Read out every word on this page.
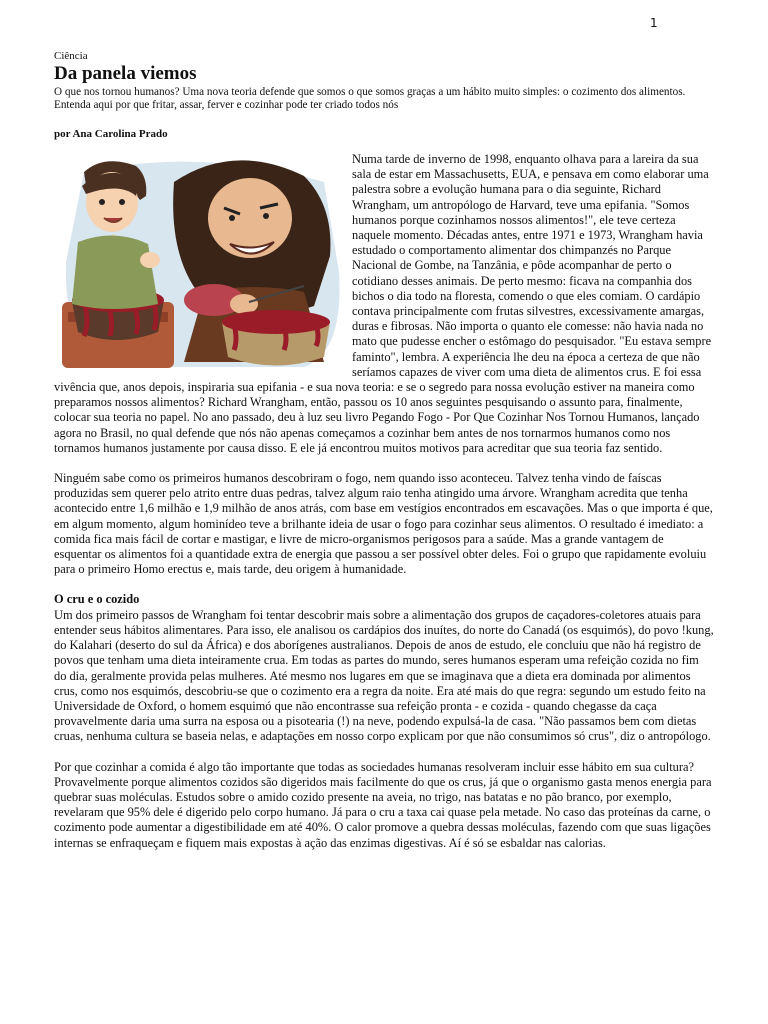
1

Ciência

Da panela viemos

O que nos tornou humanos? Uma nova teoria defende que somos o que somos graças a um hábito muito simples: o cozimento dos alimentos. Entenda aqui por que fritar, assar, ferver e cozinhar pode ter criado todos nós

por Ana Carolina Prado

Numa tarde de inverno de 1998, enquanto olhava para a lareira da sua sala de estar em Massachusetts, EUA, e pensava em como elaborar uma palestra sobre a evolução humana para o dia seguinte, Richard Wrangham, um antropólogo de Harvard, teve uma epifania. "Somos humanos porque cozinhamos nossos alimentos!", ele teve certeza naquele momento. Décadas antes, entre 1971 e 1973, Wrangham havia estudado o comportamento alimentar dos chimpanzés no Parque Nacional de Gombe, na Tanzânia, e pôde acompanhar de perto o cotidiano desses animais. De perto mesmo: ficava na companhia dos bichos o dia todo na floresta, comendo o que eles comiam. O cardápio contava principalmente com frutas silvestres, excessivamente amargas, duras e fibrosas. Não importa o quanto ele comesse: não havia nada no mato que pudesse encher o estômago do pesquisador. "Eu estava sempre faminto", lembra. A experiência lhe deu na época a certeza de que não seríamos capazes de viver com uma dieta de alimentos crus. E foi essa vivência que, anos depois, inspiraria sua epifania - e sua nova teoria: e se o segredo para nossa evolução estiver na maneira como preparamos nossos alimentos? Richard Wrangham, então, passou os 10 anos seguintes pesquisando o assunto para, finalmente, colocar sua teoria no papel. No ano passado, deu à luz seu livro Pegando Fogo - Por Que Cozinhar Nos Tornou Humanos, lançado agora no Brasil, no qual defende que nós não apenas começamos a cozinhar bem antes de nos tornarmos humanos como nos tornamos humanos justamente por causa disso. E ele já encontrou muitos motivos para acreditar que sua teoria faz sentido.

Ninguém sabe como os primeiros humanos descobriram o fogo, nem quando isso aconteceu. Talvez tenha vindo de faíscas produzidas sem querer pelo atrito entre duas pedras, talvez algum raio tenha atingido uma árvore. Wrangham acredita que tenha acontecido entre 1,6 milhão e 1,9 milhão de anos atrás, com base em vestígios encontrados em escavações. Mas o que importa é que, em algum momento, algum hominídeo teve a brilhante ideia de usar o fogo para cozinhar seus alimentos. O resultado é imediato: a comida fica mais fácil de cortar e mastigar, e livre de micro-organismos perigosos para a saúde. Mas a grande vantagem de esquentar os alimentos foi a quantidade extra de energia que passou a ser possível obter deles. Foi o grupo que rapidamente evoluiu para o primeiro Homo erectus e, mais tarde, deu origem à humanidade.

O cru e o cozido

Um dos primeiro passos de Wrangham foi tentar descobrir mais sobre a alimentação dos grupos de caçadores-coletores atuais para entender seus hábitos alimentares. Para isso, ele analisou os cardápios dos inuítes, do norte do Canadá (os esquimós), do povo !kung, do Kalahari (deserto do sul da África) e dos aborígenes australianos. Depois de anos de estudo, ele concluiu que não há registro de povos que tenham uma dieta inteiramente crua. Em todas as partes do mundo, seres humanos esperam uma refeição cozida no fim do dia, geralmente provida pelas mulheres. Até mesmo nos lugares em que se imaginava que a dieta era dominada por alimentos crus, como nos esquimós, descobriu-se que o cozimento era a regra da noite. Era até mais do que regra: segundo um estudo feito na Universidade de Oxford, o homem esquimó que não encontrasse sua refeição pronta - e cozida - quando chegasse da caça provavelmente daria uma surra na esposa ou a pisotearia (!) na neve, podendo expulsá-la de casa. "Não passamos bem com dietas cruas, nenhuma cultura se baseia nelas, e adaptações em nosso corpo explicam por que não consumimos só crus", diz o antropólogo.

Por que cozinhar a comida é algo tão importante que todas as sociedades humanas resolveram incluir esse hábito em sua cultura? Provavelmente porque alimentos cozidos são digeridos mais facilmente do que os crus, já que o organismo gasta menos energia para quebrar suas moléculas. Estudos sobre o amido cozido presente na aveia, no trigo, nas batatas e no pão branco, por exemplo, revelaram que 95% dele é digerido pelo corpo humano. Já para o cru a taxa cai quase pela metade. No caso das proteínas da carne, o cozimento pode aumentar a digestibilidade em até 40%. O calor promove a quebra dessas moléculas, fazendo com que suas ligações internas se enfraqueçam e fiquem mais expostas à ação das enzimas digestivas. Aí é só se esbaldar nas calorias.
